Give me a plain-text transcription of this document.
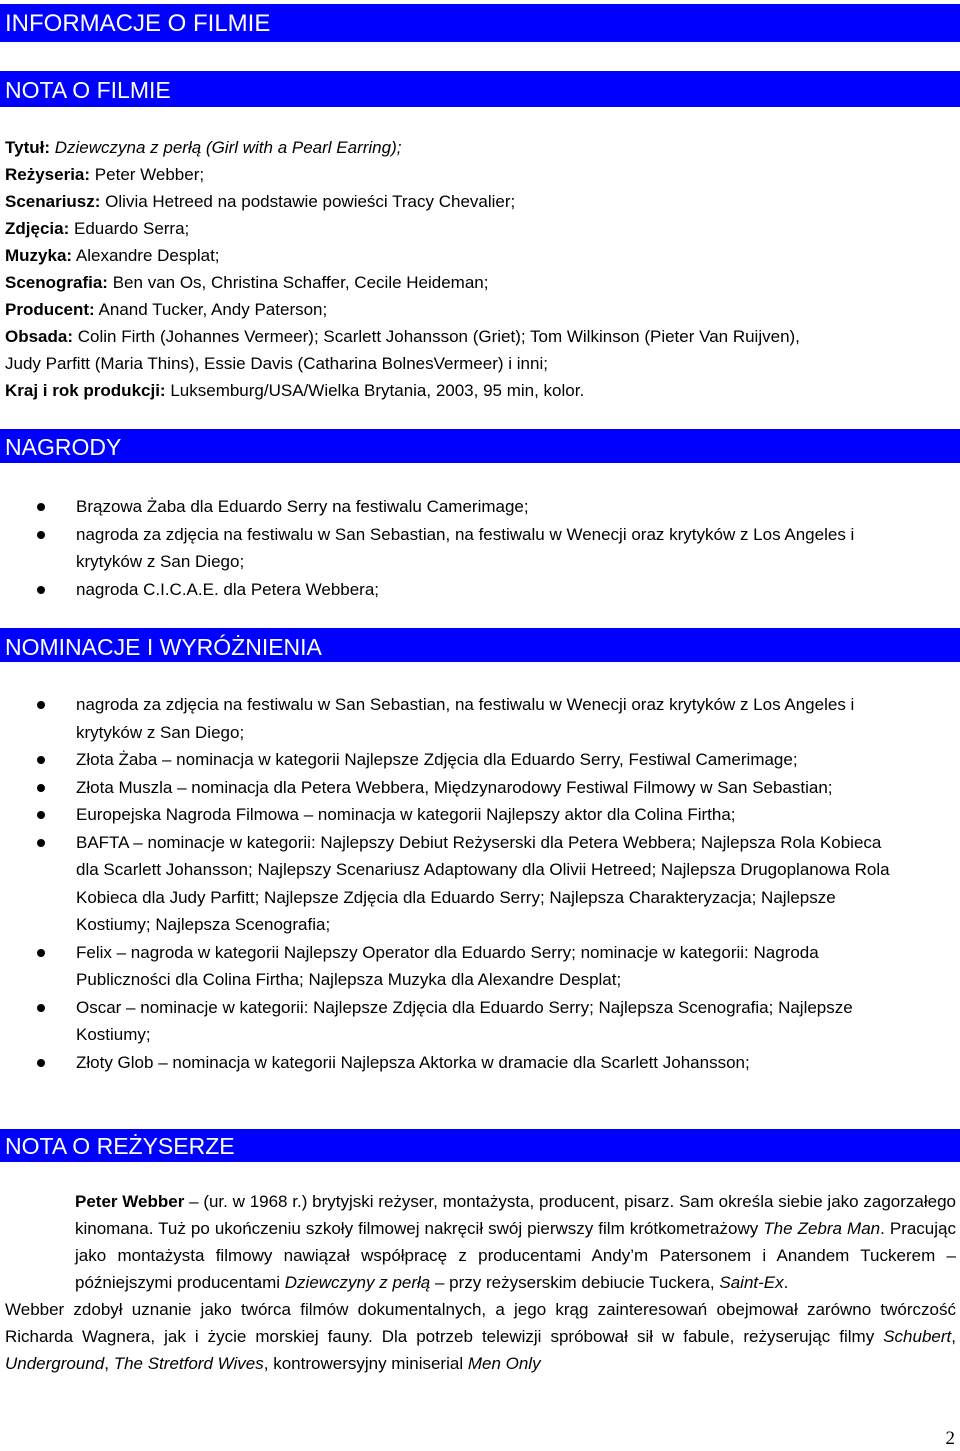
INFORMACJE O FILMIE
NOTA O FILMIE
Tytuł: Dziewczyna z perłą (Girl with a Pearl Earring);
Reżyseria: Peter Webber;
Scenariusz: Olivia Hetreed na podstawie powieści Tracy Chevalier;
Zdjęcia: Eduardo Serra;
Muzyka: Alexandre Desplat;
Scenografia: Ben van Os, Christina Schaffer, Cecile Heideman;
Producent: Anand Tucker, Andy Paterson;
Obsada: Colin Firth (Johannes Vermeer); Scarlett Johansson (Griet); Tom Wilkinson (Pieter Van Ruijven),
Judy Parfitt (Maria Thins), Essie Davis (Catharina BolnesVermeer) i inni;
Kraj i rok produkcji: Luksemburg/USA/Wielka Brytania, 2003, 95 min, kolor.
NAGRODY
Brązowa Żaba dla Eduardo Serry na festiwalu Camerimage;
nagroda za zdjęcia na festiwalu w San Sebastian, na festiwalu w Wenecji oraz krytyków z Los Angeles i krytyków z San Diego;
nagroda C.I.C.A.E. dla Petera Webbera;
NOMINACJE I WYRÓŻNIENIA
nagroda za zdjęcia na festiwalu w San Sebastian, na festiwalu w Wenecji oraz krytyków z Los Angeles i krytyków z San Diego;
Złota Żaba – nominacja w kategorii Najlepsze Zdjęcia dla Eduardo Serry, Festiwal Camerimage;
Złota Muszla – nominacja dla Petera Webbera, Międzynarodowy Festiwal Filmowy w San Sebastian;
Europejska Nagroda Filmowa – nominacja w kategorii Najlepszy aktor dla Colina Firtha;
BAFTA – nominacje w kategorii: Najlepszy Debiut Reżyserski dla Petera Webbera; Najlepsza Rola Kobieca dla Scarlett Johansson; Najlepszy Scenariusz Adaptowany dla Olivii Hetreed; Najlepsza Drugoplanowa Rola Kobieca dla Judy Parfitt; Najlepsze Zdjęcia dla Eduardo Serry; Najlepsza Charakteryzacja; Najlepsze Kostiumy; Najlepsza Scenografia;
Felix – nagroda w kategorii Najlepszy Operator dla Eduardo Serry; nominacje w kategorii: Nagroda Publiczności dla Colina Firtha; Najlepsza Muzyka dla Alexandre Desplat;
Oscar – nominacje w kategorii: Najlepsze Zdjęcia dla Eduardo Serry; Najlepsza Scenografia; Najlepsze Kostiumy;
Złoty Glob – nominacja w kategorii Najlepsza Aktorka w dramacie dla Scarlett Johansson;
NOTA O REŻYSERZE

Peter Webber – (ur. w 1968 r.) brytyjski reżyser, montażysta, producent, pisarz. Sam określa siebie jako zagorzałego kinomana. Tuż po ukończeniu szkoły filmowej nakręcił swój pierwszy film krótkometrażowy The Zebra Man. Pracując jako montażysta filmowy nawiązał współpracę z producentami Andy’m Patersonem i Anandem Tuckerem – późniejszymi producentami Dziewczyny z perłą – przy reżyserskim debiucie Tuckera, Saint-Ex.

Webber zdobył uznanie jako twórca filmów dokumentalnych, a jego krąg zainteresowań obejmował zarówno twórczość Richarda Wagnera, jak i życie morskiej fauny. Dla potrzeb telewizji spróbował sił w fabule, reżyserując filmy Schubert, Underground, The Stretford Wives, kontrowersyjny miniserial Men Only

2
